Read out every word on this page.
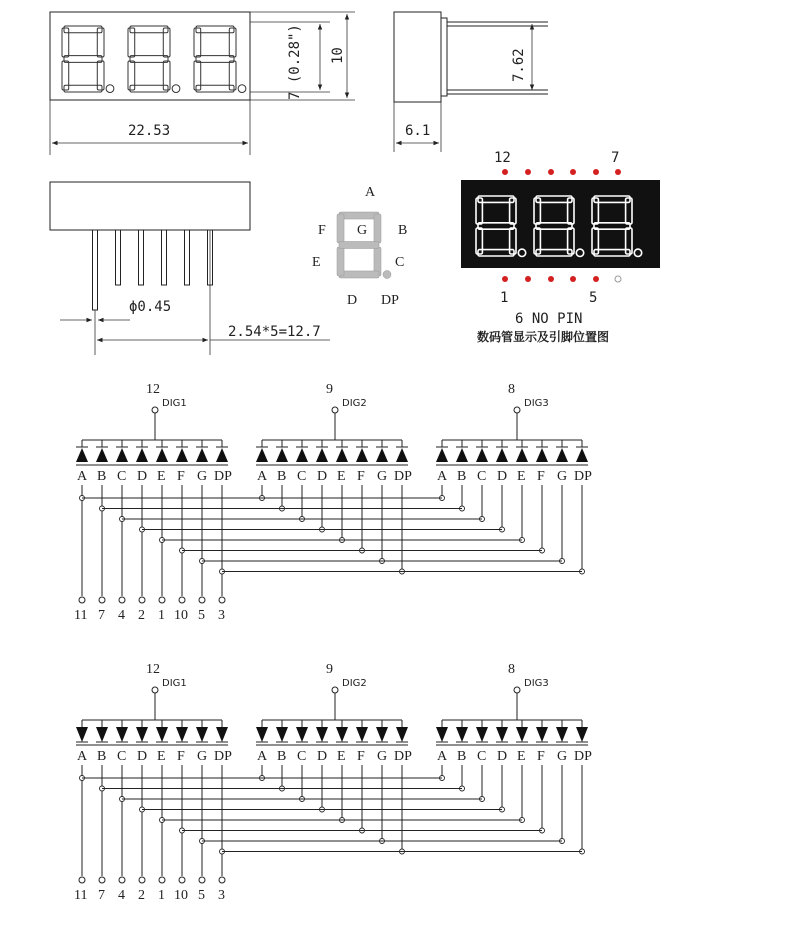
7 (0.28") 10
22.53
7.62
6.1
ϕ0.45
2.54*5=12.7
A
F G B
E	C
D DP
12	7
1	5
6 NO PIN
数码管显示及引脚位置图
12
DIG1
A B C D E F G DP
9
DIG2
A B C D E F G DP
8
DIG3
A B C D E F G DP
11 7 4 2 1 10 5 3
12
DIG1
A B C D E F G DP
9
DIG2
A B C D E F G DP
8
DIG3
A B C D E F G DP
11 7 4 2 1 10 5 3
